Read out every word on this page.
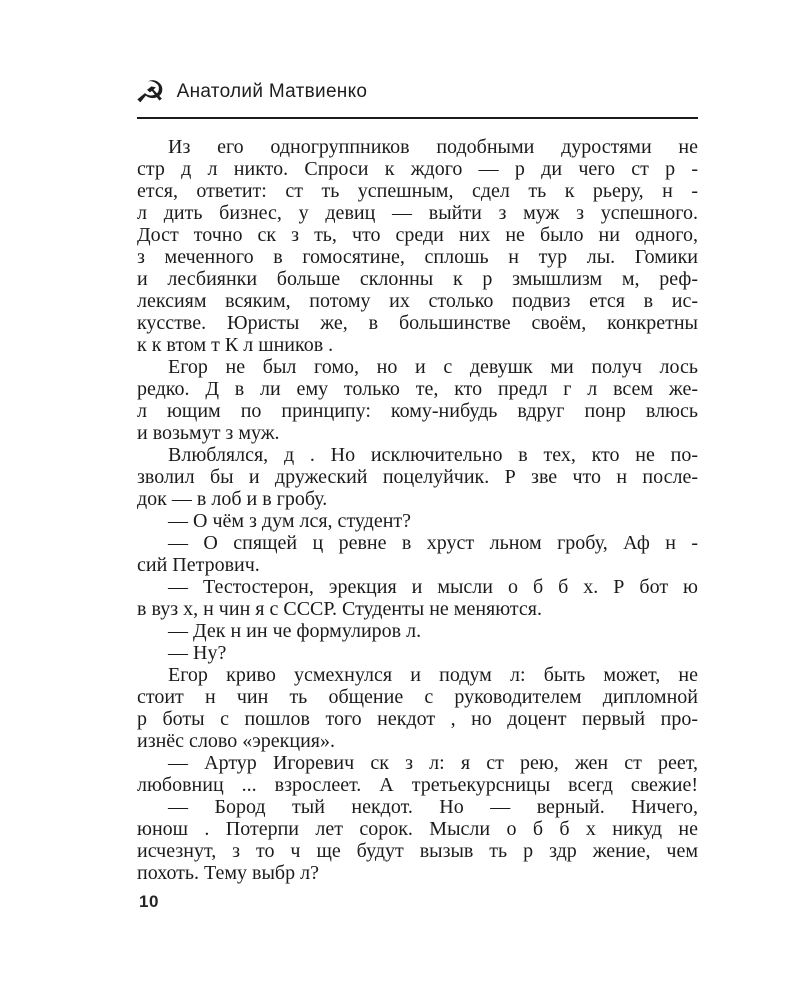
☭ Анатолий Матвиенко
Из его одногруппников подобными дуростями не
стр д л никто. Спроси к ждого — р ди чего ст р -
ется, ответит: ст ть успешным, сдел ть к рьеру, н -
л дить бизнес, у девиц — выйти з муж з успешного.
Дост точно ск з ть, что среди них не было ни одного,
з меченного в гомосятине, сплошь н тур лы. Гомики
и лесбиянки больше склонны к р змышлизм м, реф-
лексиям всяким, потому их столько подвиз ется в ис-
кусстве. Юристы же, в большинстве своём, конкретны
к к втом т К л шников .
Егор не был гомо, но и с девушк ми получ лось
редко. Д в ли ему только те, кто предл г л всем же-
л ющим по принципу: кому-нибудь вдруг понр влюсь
и возьмут з муж.
Влюблялся, д . Но исключительно в тех, кто не по-
зволил бы и дружеский поцелуйчик. Р зве что н после-
док — в лоб и в гробу.
— О чём з дум лся, студент?
— О спящей ц ревне в хруст льном гробу, Аф н -
сий Петрович.
— Тестостерон, эрекция и мысли о б б х. Р бот ю
в вуз х, н чин я с СССР. Студенты не меняются.
— Дек н ин че формулиров л.
— Ну?
Егор криво усмехнулся и подум л: быть может, не
стоит н чин ть общение с руководителем дипломной
р боты с пошлов того некдот , но доцент первый про-
изнёс слово «эрекция».
— Артур Игоревич ск з л: я ст рею, жен ст реет,
любовниц ... взрослеет. А третьекурсницы всегд свежие!
— Бород тый некдот. Но — верный. Ничего,
юнош . Потерпи лет сорок. Мысли о б б х никуд не
исчезнут, з то ч ще будут вызыв ть р здр жение, чем
похоть. Тему выбр л?
10
